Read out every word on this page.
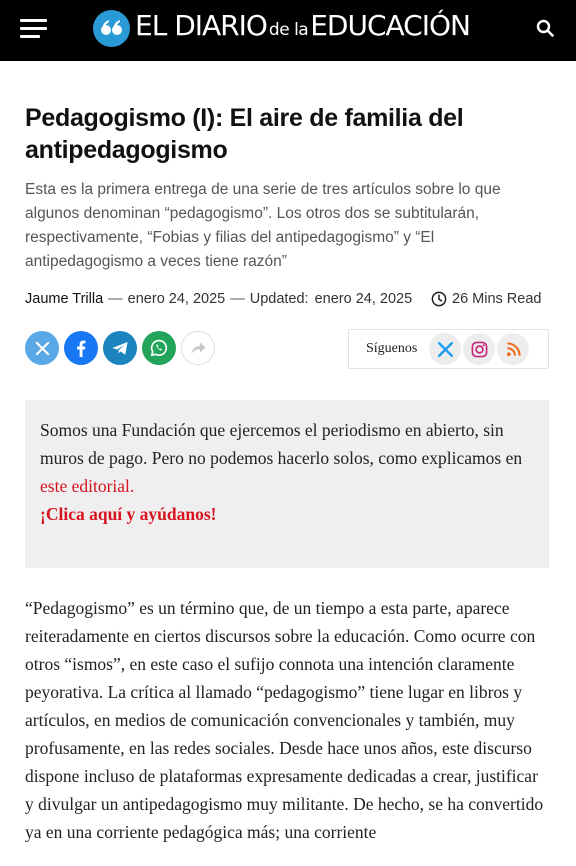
EL DIARIO de laEDUCACIÓN
Pedagogismo (I): El aire de familia del antipedagogismo

Esta es la primera entrega de una serie de tres artículos sobre lo que algunos denominan “pedagogismo”. Los otros dos se subtitularán, respectivamente, “Fobias y filias del antipedagogismo” y “El antipedagogismo a veces tiene razón”

Jaume Trilla — enero 24, 2025 — Updated: enero 24, 2025	26 Mins Read
Síguenos

Somos una Fundación que ejercemos el periodismo en abierto, sin muros de pago. Pero no podemos hacerlo solos, como explicamos en este editorial.
¡Clica aquí y ayúdanos!

“Pedagogismo” es un término que, de un tiempo a esta parte, aparece reiteradamente en ciertos discursos sobre la educación. Como ocurre con otros “ismos”, en este caso el sufijo connota una intención claramente peyorativa. La crítica al llamado “pedagogismo” tiene lugar en libros y artículos, en medios de comunicación convencionales y también, muy profusamente, en las redes sociales. Desde hace unos años, este discurso dispone incluso de plataformas expresamente dedicadas a crear, justificar y divulgar un antipedagogismo muy militante. De hecho, se ha convertido ya en una corriente pedagógica más; una corriente
